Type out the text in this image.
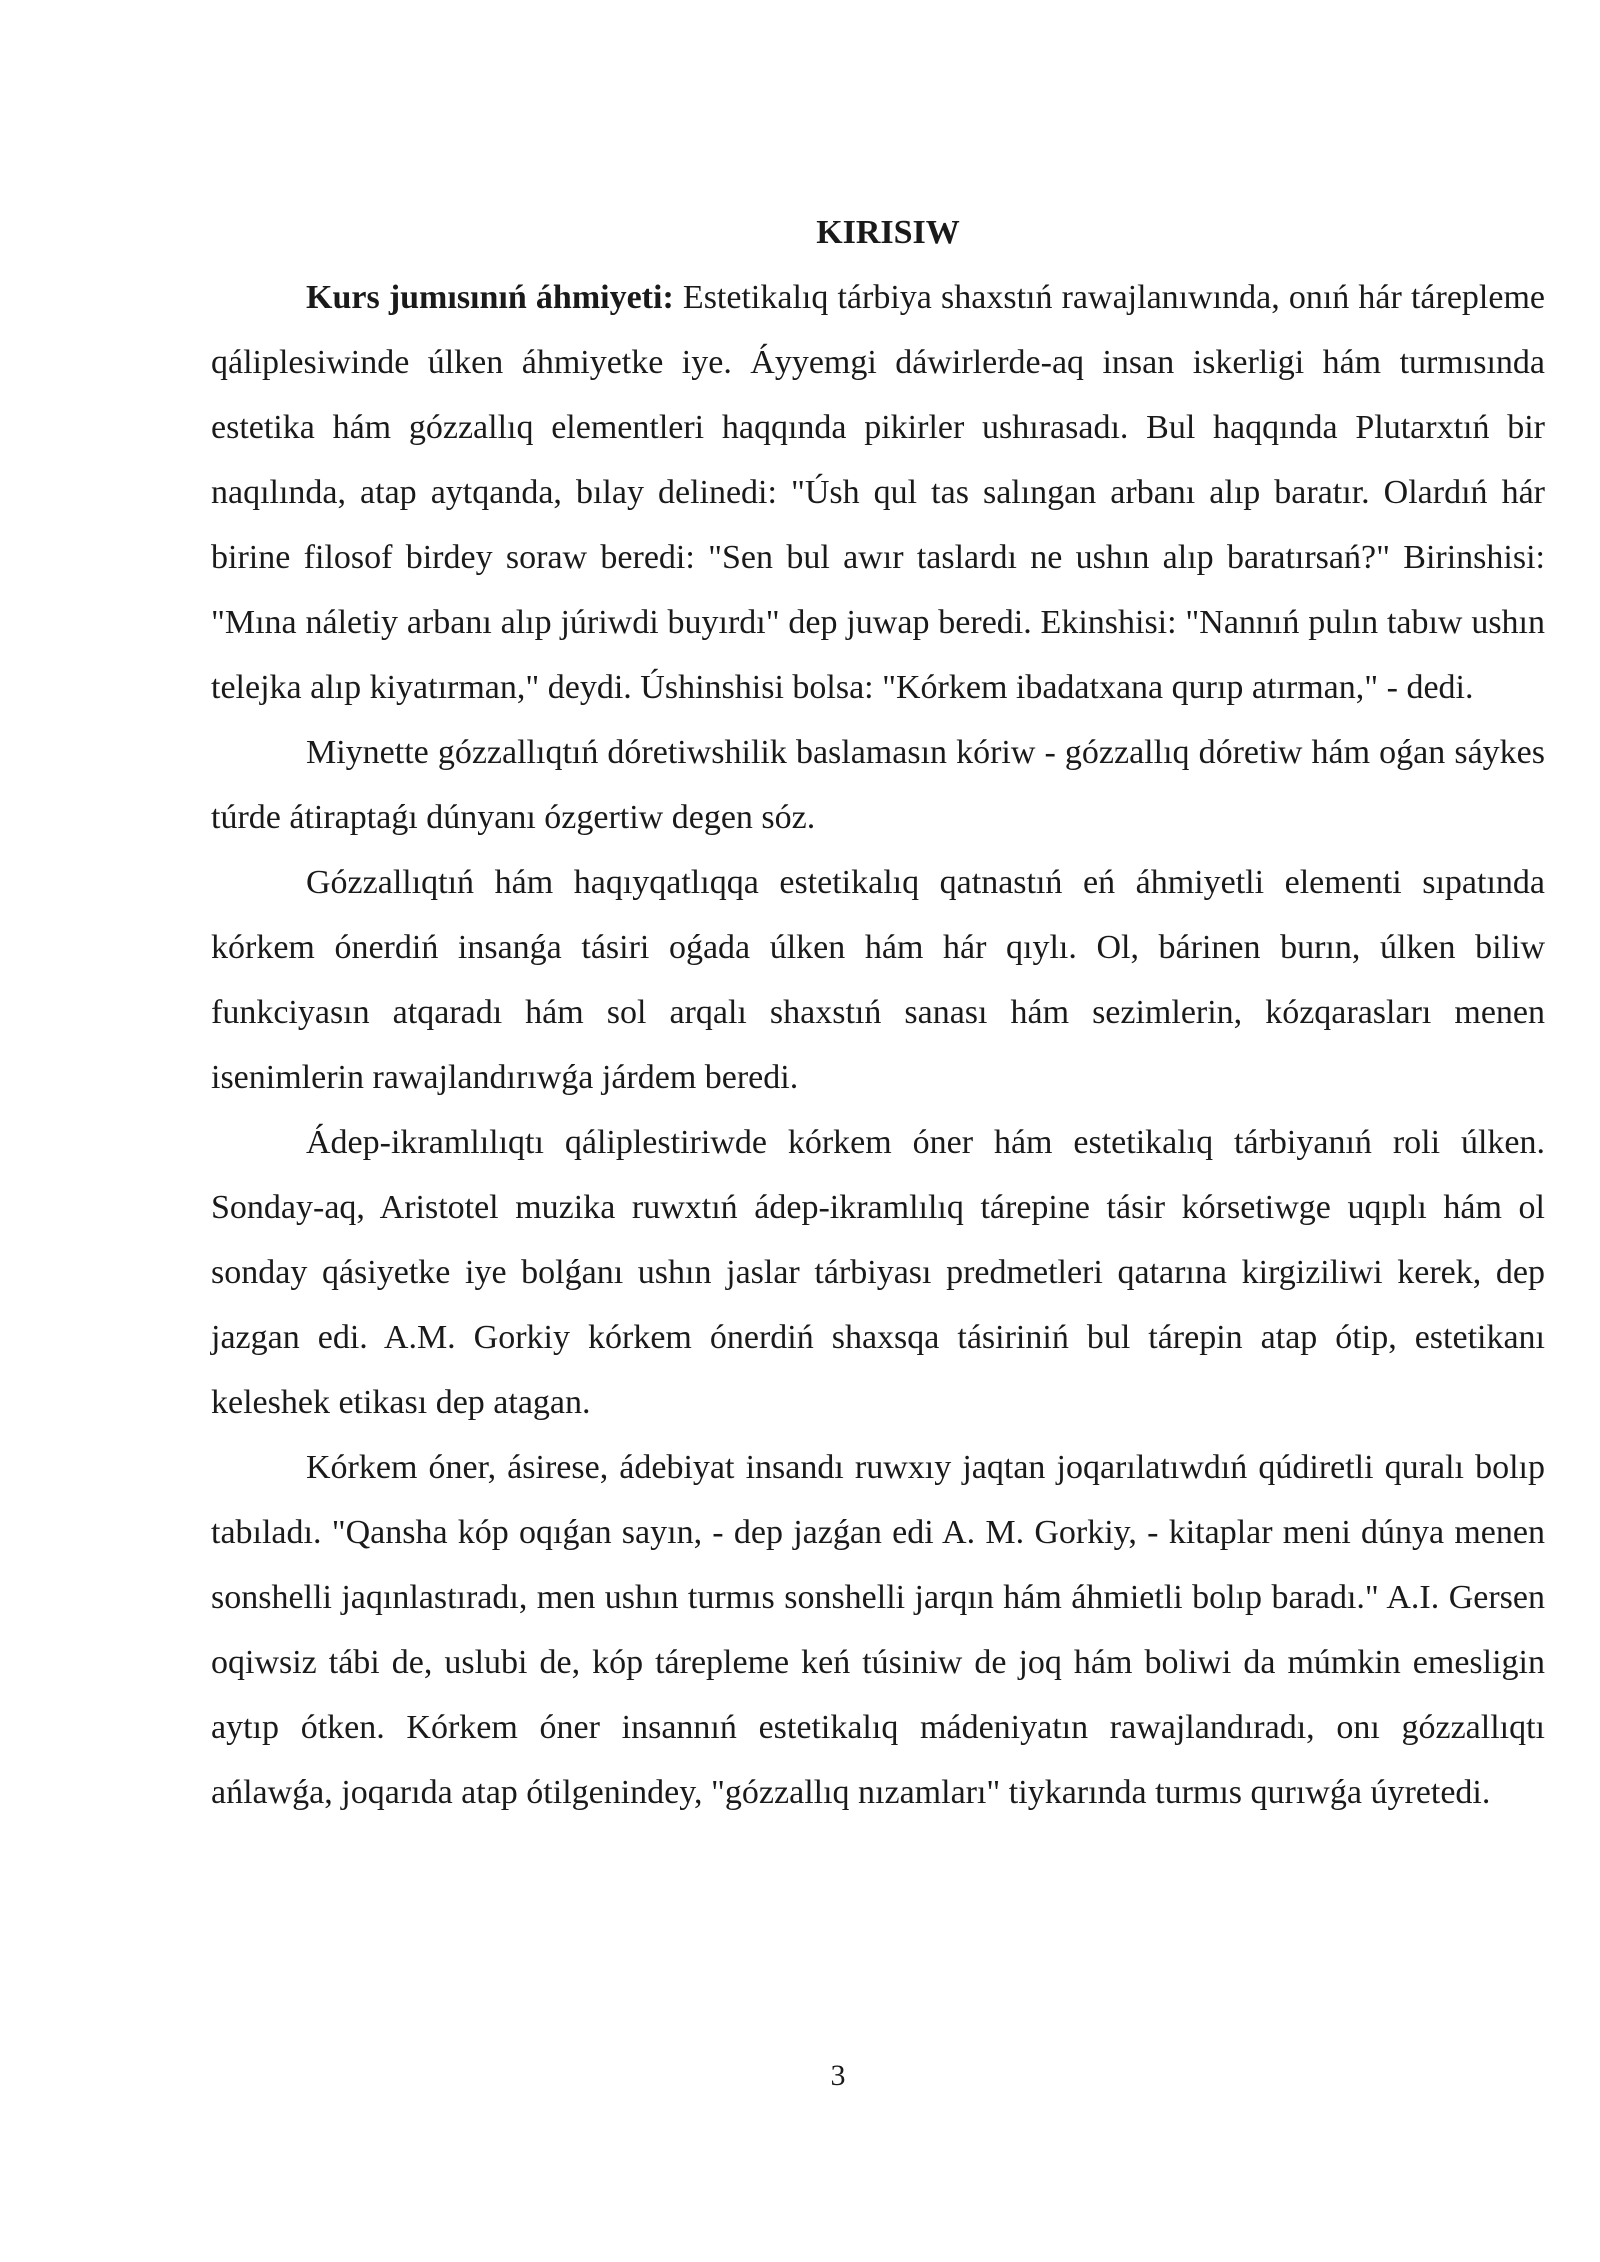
KIRISIW

Kurs jumısınıń áhmiyeti: Estetikalıq tárbiya shaxstıń rawajlanıwında, onıń hár tárepleme qáliplesiwinde úlken áhmiyetke iye. Áyyemgi dáwirlerde-aq insan iskerligi hám turmısında estetika hám gózzallıq elementleri haqqında pikirler ushırasadı. Bul haqqında Plutarxtıń bir naqılında, atap aytqanda, bılay delinedi: "Úsh qul tas salıngan arbanı alıp baratır. Olardıń hár birine filosof birdey soraw beredi: "Sen bul awır taslardı ne ushın alıp baratırsań?" Birinshisi: "Mına náletiy arbanı alıp júriwdi buyırdı" dep juwap beredi. Ekinshisi: "Nannıń pulın tabıw ushın telejka alıp kiyatırman," deydi. Úshinshisi bolsa: "Kórkem ibadatxana qurıp atırman," - dedi.

Miynette gózzallıqtıń dóretiwshilik baslamasın kóriw - gózzallıq dóretiw hám oǵan sáykes túrde átiraptaǵı dúnyanı ózgertiw degen sóz.

Gózzallıqtıń hám haqıyqatlıqqa estetikalıq qatnastıń eń áhmiyetli elementi sıpatında kórkem ónerdiń insanǵa tásiri oǵada úlken hám hár qıylı. Ol, bárinen burın, úlken biliw funkciyasın atqaradı hám sol arqalı shaxstıń sanası hám sezimlerin, kózqarasları menen isenimlerin rawajlandırıwǵa járdem beredi.

Ádep-ikramlılıqtı qáliplestiriwde kórkem óner hám estetikalıq tárbiyanıń roli úlken. Sonday-aq, Aristotel muzika ruwxtıń ádep-ikramlılıq tárepine tásir kórsetiwge uqıplı hám ol sonday qásiyetke iye bolǵanı ushın jaslar tárbiyası predmetleri qatarına kirgiziliwi kerek, dep jazgan edi. A.M. Gorkiy kórkem ónerdiń shaxsqa tásiriniń bul tárepin atap ótip, estetikanı keleshek etikası dep atagan.

Kórkem óner, ásirese, ádebiyat insandı ruwxıy jaqtan joqarılatıwdıń qúdiretli quralı bolıp tabıladı. "Qansha kóp oqıǵan sayın, - dep jazǵan edi A. M. Gorkiy, - kitaplar meni dúnya menen sonshelli jaqınlastıradı, men ushın turmıs sonshelli jarqın hám áhmietli bolıp baradı." A.I. Gersen oqiwsiz tábi de, uslubi de, kóp tárepleme keń túsiniw de joq hám boliwi da múmkin emesligin aytıp ótken. Kórkem óner insannıń estetikalıq mádeniyatın rawajlandıradı, onı gózzallıqtı ańlawǵa, joqarıda atap ótilgenindey, "gózzallıq nızamları" tiykarında turmıs qurıwǵa úyretedi.

3
